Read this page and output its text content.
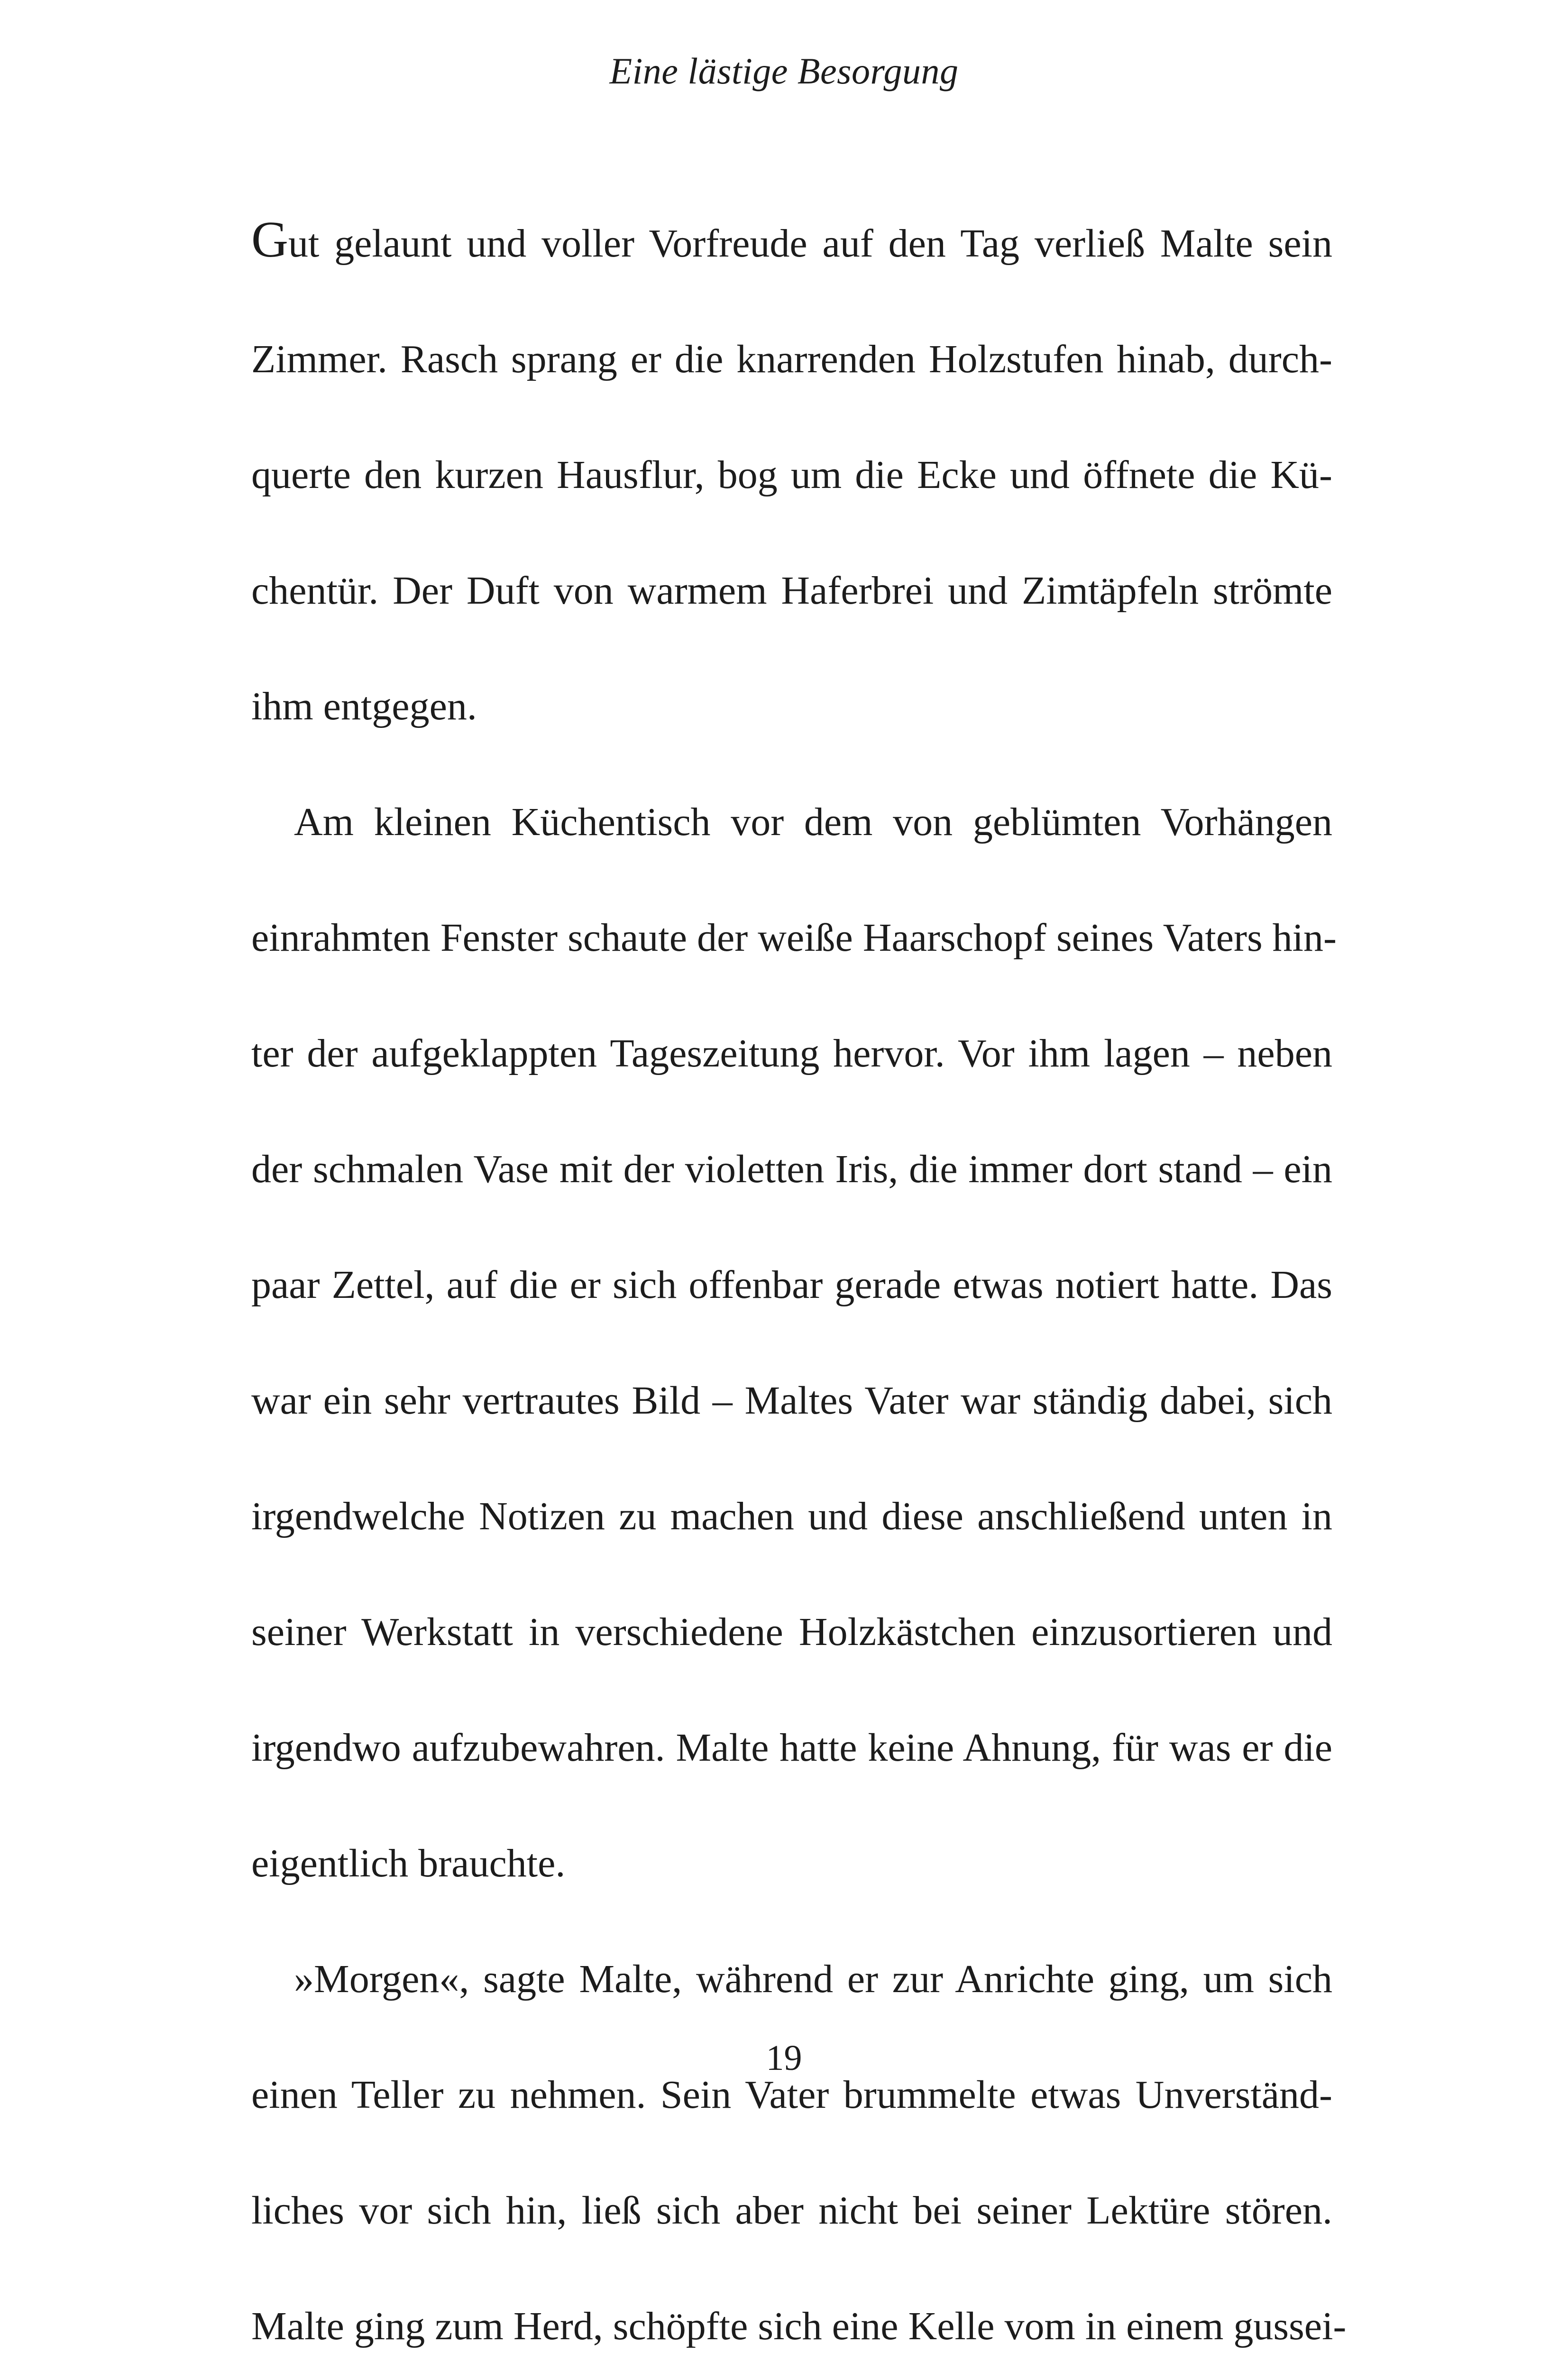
Eine lästige Besorgung
Gut gelaunt und voller Vorfreude auf den Tag verließ Malte sein
Zimmer. Rasch sprang er die knarrenden Holzstufen hinab, durch-
querte den kurzen Hausflur, bog um die Ecke und öffnete die Kü-
chentür. Der Duft von warmem Haferbrei und Zimtäpfeln strömte
ihm entgegen.
Am kleinen Küchentisch vor dem von geblümten Vorhängen
einrahmten Fenster schaute der weiße Haarschopf seines Vaters hin-
ter der aufgeklappten Tageszeitung hervor. Vor ihm lagen – neben
der schmalen Vase mit der violetten Iris, die immer dort stand – ein
paar Zettel, auf die er sich offenbar gerade etwas notiert hatte. Das
war ein sehr vertrautes Bild – Maltes Vater war ständig dabei, sich
irgendwelche Notizen zu machen und diese anschließend unten in
seiner Werkstatt in verschiedene Holzkästchen einzusortieren und
irgendwo aufzubewahren. Malte hatte keine Ahnung, für was er die
eigentlich brauchte.
»Morgen«, sagte Malte, während er zur Anrichte ging, um sich
einen Teller zu nehmen. Sein Vater brummelte etwas Unverständ-
liches vor sich hin, ließ sich aber nicht bei seiner Lektüre stören.
Malte ging zum Herd, schöpfte sich eine Kelle vom in einem gussei-
19
